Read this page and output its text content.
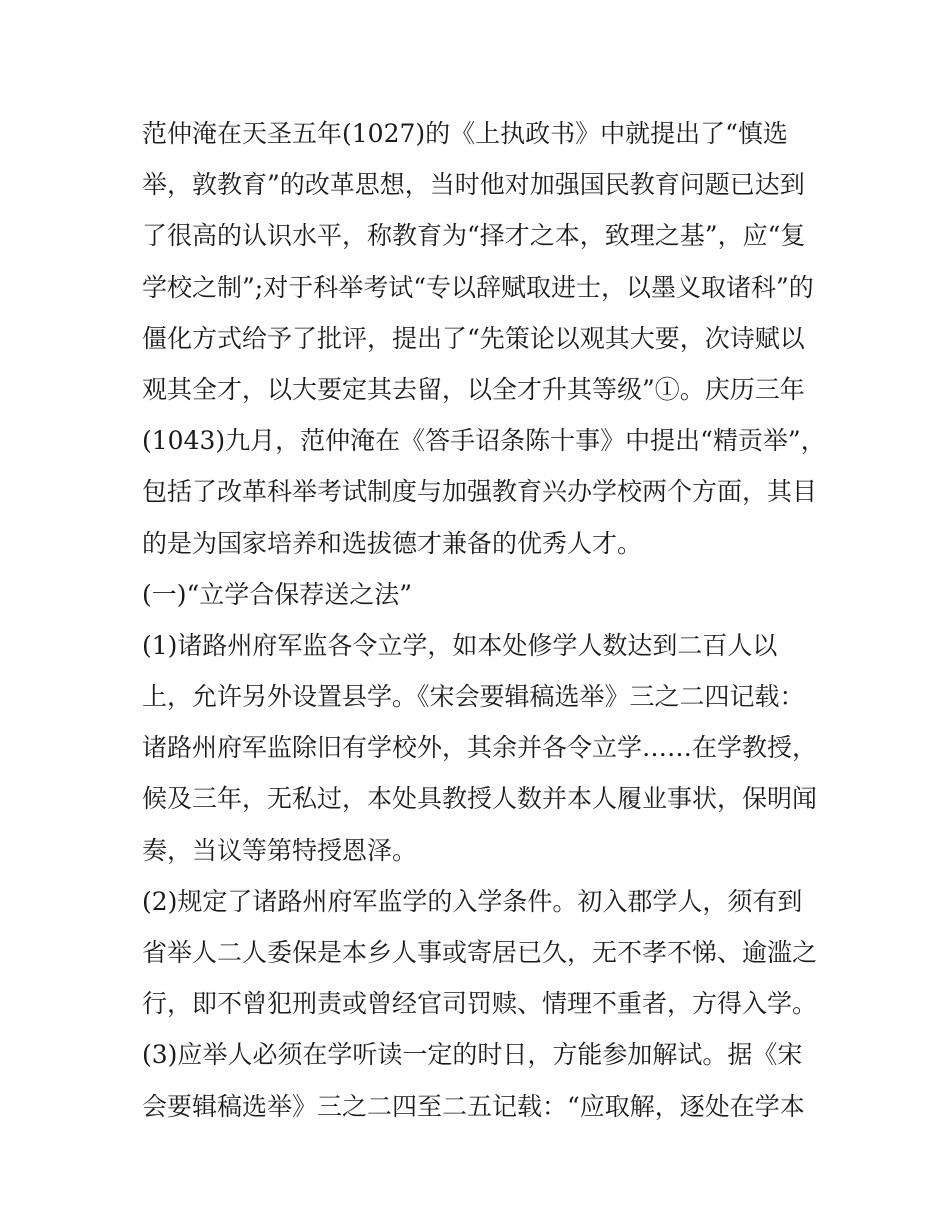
范仲淹在天圣五年(1027)的《上执政书》中就提出了“慎选
举，敦教育”的改革思想，当时他对加强国民教育问题已达到
了很高的认识水平，称教育为“择才之本，致理之基”，应“复
学校之制”;对于科举考试“专以辞赋取进士，以墨义取诸科”的
僵化方式给予了批评，提出了“先策论以观其大要，次诗赋以
观其全才，以大要定其去留，以全才升其等级”①。庆历三年
(1043)九月，范仲淹在《答手诏条陈十事》中提出“精贡举”，
包括了改革科举考试制度与加强教育兴办学校两个方面，其目
的是为国家培养和选拔德才兼备的优秀人才。
(一)“立学合保荐送之法”
(1)诸路州府军监各令立学，如本处修学人数达到二百人以
上，允许另外设置县学。《宋会要辑稿选举》三之二四记载：
诸路州府军监除旧有学校外，其余并各令立学……在学教授，
候及三年，无私过，本处具教授人数并本人履业事状，保明闻
奏，当议等第特授恩泽。
(2)规定了诸路州府军监学的入学条件。初入郡学人，须有到
省举人二人委保是本乡人事或寄居已久，无不孝不悌、逾滥之
行，即不曾犯刑责或曾经官司罚赎、情理不重者，方得入学。
(3)应举人必须在学听读一定的时日，方能参加解试。据《宋
会要辑稿选举》三之二四至二五记载：“应取解，逐处在学本
